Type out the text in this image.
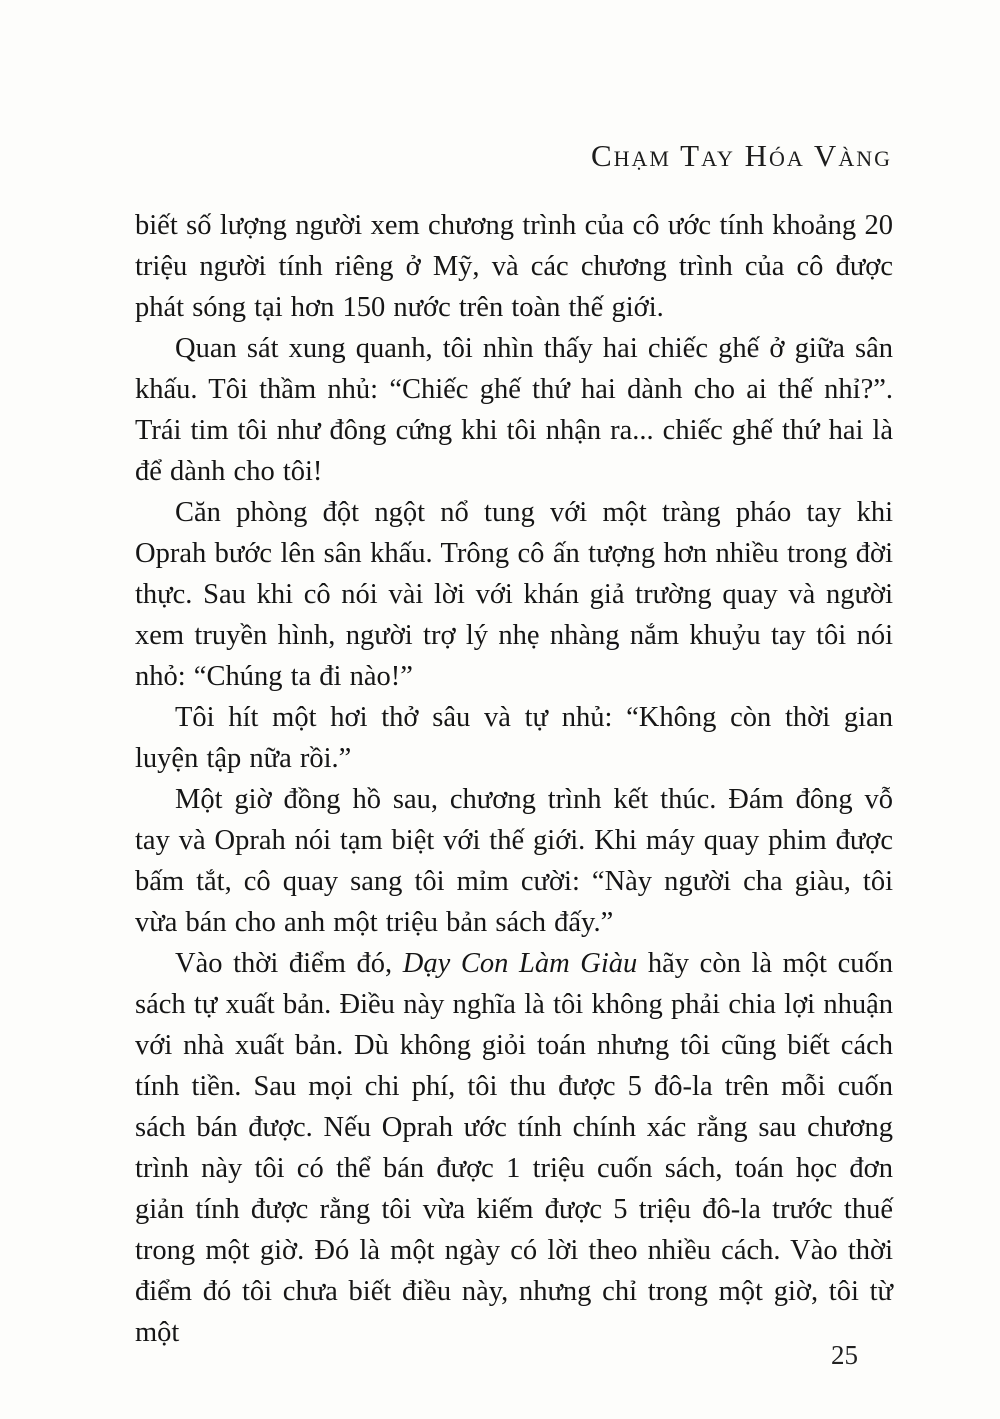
Chạm Tay Hóa Vàng

biết số lượng người xem chương trình của cô ước tính khoảng 20 triệu người tính riêng ở Mỹ, và các chương trình của cô được phát sóng tại hơn 150 nước trên toàn thế giới.

Quan sát xung quanh, tôi nhìn thấy hai chiếc ghế ở giữa sân khấu. Tôi thầm nhủ: “Chiếc ghế thứ hai dành cho ai thế nhỉ?”. Trái tim tôi như đông cứng khi tôi nhận ra... chiếc ghế thứ hai là để dành cho tôi!

Căn phòng đột ngột nổ tung với một tràng pháo tay khi Oprah bước lên sân khấu. Trông cô ấn tượng hơn nhiều trong đời thực. Sau khi cô nói vài lời với khán giả trường quay và người xem truyền hình, người trợ lý nhẹ nhàng nắm khuỷu tay tôi nói nhỏ: “Chúng ta đi nào!”

Tôi hít một hơi thở sâu và tự nhủ: “Không còn thời gian luyện tập nữa rồi.”

Một giờ đồng hồ sau, chương trình kết thúc. Đám đông vỗ tay và Oprah nói tạm biệt với thế giới. Khi máy quay phim được bấm tắt, cô quay sang tôi mỉm cười: “Này người cha giàu, tôi vừa bán cho anh một triệu bản sách đấy.”

Vào thời điểm đó, Dạy Con Làm Giàu hãy còn là một cuốn sách tự xuất bản. Điều này nghĩa là tôi không phải chia lợi nhuận với nhà xuất bản. Dù không giỏi toán nhưng tôi cũng biết cách tính tiền. Sau mọi chi phí, tôi thu được 5 đô-la trên mỗi cuốn sách bán được. Nếu Oprah ước tính chính xác rằng sau chương trình này tôi có thể bán được 1 triệu cuốn sách, toán học đơn giản tính được rằng tôi vừa kiếm được 5 triệu đô-la trước thuế trong một giờ. Đó là một ngày có lời theo nhiều cách. Vào thời điểm đó tôi chưa biết điều này, nhưng chỉ trong một giờ, tôi từ một

25
